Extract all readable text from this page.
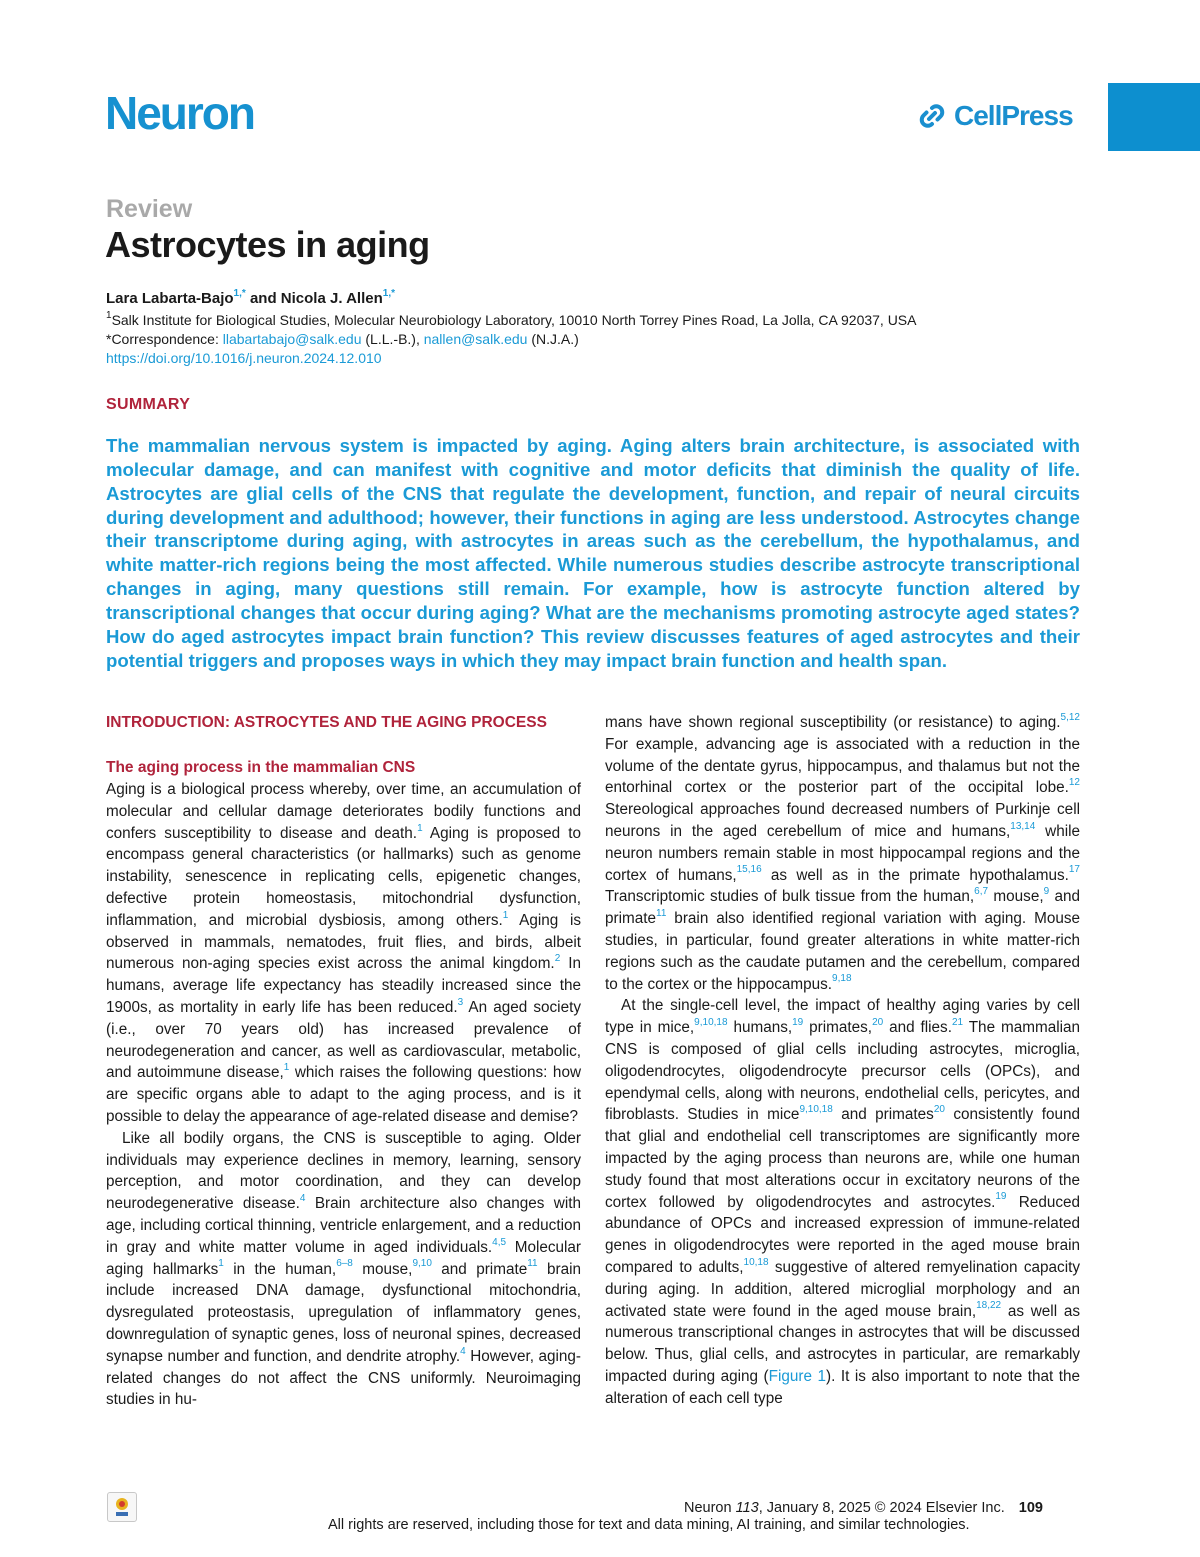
Neuron	CellPress
Review
Astrocytes in aging
Lara Labarta-Bajo$^{1,*}$ and Nicola J. Allen$^{1,*}$
$^1$Salk Institute for Biological Studies, Molecular Neurobiology Laboratory, 10010 North Torrey Pines Road, La Jolla, CA 92037, USA
*Correspondence: llabartabajo@salk.edu (L.L.-B.), nallen@salk.edu (N.J.A.)
https://doi.org/10.1016/j.neuron.2024.12.010
SUMMARY

The mammalian nervous system is impacted by aging. Aging alters brain architecture, is associated with molecular damage, and can manifest with cognitive and motor deficits that diminish the quality of life. Astrocytes are glial cells of the CNS that regulate the development, function, and repair of neural circuits during development and adulthood; however, their functions in aging are less understood. Astrocytes change their transcriptome during aging, with astrocytes in areas such as the cerebellum, the hypothalamus, and white matter-rich regions being the most affected. While numerous studies describe astrocyte transcriptional changes in aging, many questions still remain. For example, how is astrocyte function altered by transcriptional changes that occur during aging? What are the mechanisms promoting astrocyte aged states? How do aged astrocytes impact brain function? This review discusses features of aged astrocytes and their potential triggers and proposes ways in which they may impact brain function and health span.

INTRODUCTION: ASTROCYTES AND THE AGING PROCESS
The aging process in the mammalian CNS

Aging is a biological process whereby, over time, an accumulation of molecular and cellular damage deteriorates bodily functions and confers susceptibility to disease and death.$^1$ Aging is proposed to encompass general characteristics (or hallmarks) such as genome instability, senescence in replicating cells, epigenetic changes, defective protein homeostasis, mitochondrial dysfunction, inflammation, and microbial dysbiosis, among others.$^1$ Aging is observed in mammals, nematodes, fruit flies, and birds, albeit numerous non-aging species exist across the animal kingdom.$^2$ In humans, average life expectancy has steadily increased since the 1900s, as mortality in early life has been reduced.$^3$ An aged society (i.e., over 70 years old) has increased prevalence of neurodegeneration and cancer, as well as cardiovascular, metabolic, and autoimmune disease,$^1$ which raises the following questions: how are specific organs able to adapt to the aging process, and is it possible to delay the appearance of age-related disease and demise?

Like all bodily organs, the CNS is susceptible to aging. Older individuals may experience declines in memory, learning, sensory perception, and motor coordination, and they can develop neurodegenerative disease.$^4$ Brain architecture also changes with age, including cortical thinning, ventricle enlargement, and a reduction in gray and white matter volume in aged individuals.$^{4,5}$ Molecular aging hallmarks$^1$ in the human,$^{6-8}$ mouse,$^{9,10}$ and primate$^{11}$ brain include increased DNA damage, dysfunctional mitochondria, dysregulated proteostasis, upregulation of inflammatory genes, downregulation of synaptic genes, loss of neuronal spines, decreased synapse number and function, and dendrite atrophy.$^4$ However, aging-related changes do not affect the CNS uniformly. Neuroimaging studies in hu-

mans have shown regional susceptibility (or resistance) to aging.$^{5,12}$ For example, advancing age is associated with a reduction in the volume of the dentate gyrus, hippocampus, and thalamus but not the entorhinal cortex or the posterior part of the occipital lobe.$^{12}$ Stereological approaches found decreased numbers of Purkinje cell neurons in the aged cerebellum of mice and humans,$^{13,14}$ while neuron numbers remain stable in most hippocampal regions and the cortex of humans,$^{15,16}$ as well as in the primate hypothalamus.$^{17}$ Transcriptomic studies of bulk tissue from the human,$^{6,7}$ mouse,$^9$ and primate$^{11}$ brain also identified regional variation with aging. Mouse studies, in particular, found greater alterations in white matter-rich regions such as the caudate putamen and the cerebellum, compared to the cortex or the hippocampus.$^{9,18}$

At the single-cell level, the impact of healthy aging varies by cell type in mice,$^{9,10,18}$ humans,$^{19}$ primates,$^{20}$ and flies.$^{21}$ The mammalian CNS is composed of glial cells including astrocytes, microglia, oligodendrocytes, oligodendrocyte precursor cells (OPCs), and ependymal cells, along with neurons, endothelial cells, pericytes, and fibroblasts. Studies in mice$^{9,10,18}$ and primates$^{20}$ consistently found that glial and endothelial cell transcriptomes are significantly more impacted by the aging process than neurons are, while one human study found that most alterations occur in excitatory neurons of the cortex followed by oligodendrocytes and astrocytes.$^{19}$ Reduced abundance of OPCs and increased expression of immune-related genes in oligodendrocytes were reported in the aged mouse brain compared to adults,$^{10,18}$ suggestive of altered remyelination capacity during aging. In addition, altered microglial morphology and an activated state were found in the aged mouse brain,$^{18,22}$ as well as numerous transcriptional changes in astrocytes that will be discussed below. Thus, glial cells, and astrocytes in particular, are remarkably impacted during aging (Figure 1). It is also important to note that the alteration of each cell type

Neuron 113, January 8, 2025 © 2024 Elsevier Inc. 109
All rights are reserved, including those for text and data mining, AI training, and similar technologies.
